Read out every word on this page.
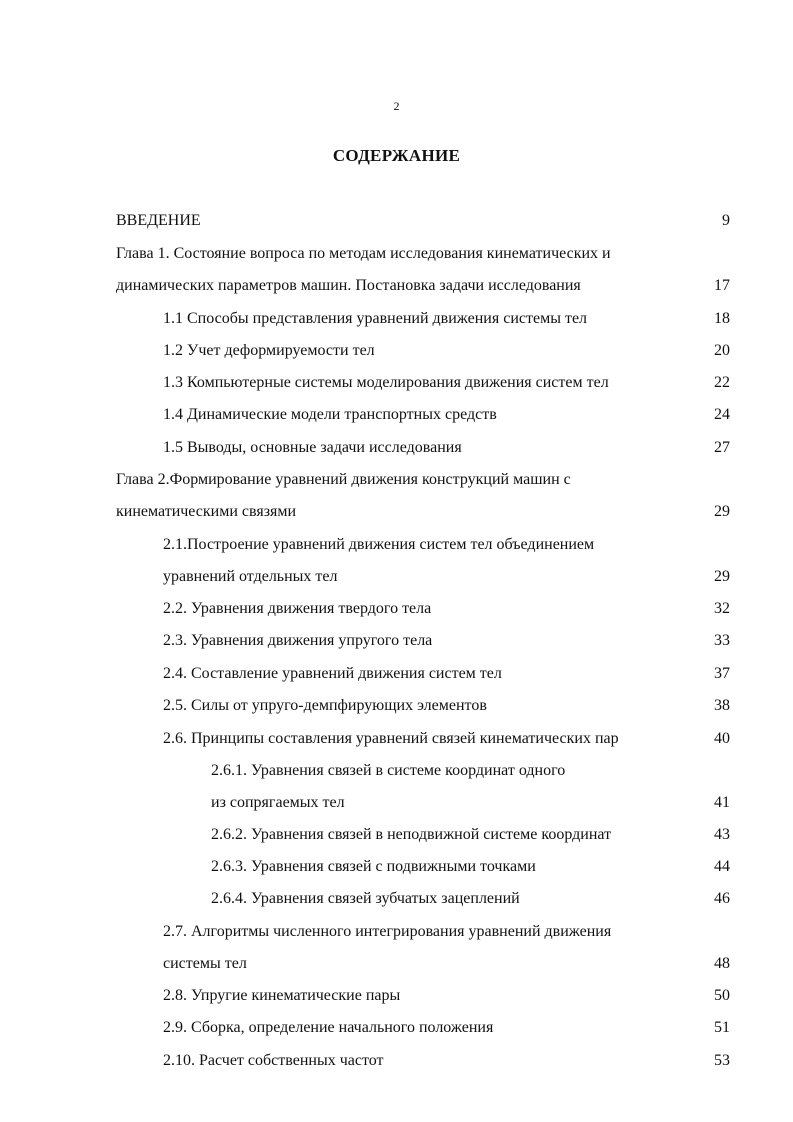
2
СОДЕРЖАНИЕ
ВВЕДЕНИЕ	9
Глава 1. Состояние вопроса по методам исследования кинематических и
динамических параметров машин. Постановка задачи исследования	17
1.1 Способы представления уравнений движения системы тел	18
1.2 Учет деформируемости тел	20
1.3 Компьютерные системы моделирования движения систем тел	22
1.4 Динамические модели транспортных средств	24
1.5 Выводы, основные задачи исследования	27
Глава 2.Формирование уравнений движения конструкций машин с
кинематическими связями	29
2.1.Построение уравнений движения систем тел объединением
уравнений отдельных тел	29
2.2. Уравнения движения твердого тела	32
2.3. Уравнения движения упругого тела	33
2.4. Составление уравнений движения систем тел	37
2.5. Силы от упруго-демпфирующих элементов	38
2.6. Принципы составления уравнений связей кинематических пар	40
2.6.1. Уравнения связей в системе координат одного
из сопрягаемых тел	41
2.6.2. Уравнения связей в неподвижной системе координат	43
2.6.3. Уравнения связей с подвижными точками	44
2.6.4. Уравнения связей зубчатых зацеплений	46
2.7. Алгоритмы численного интегрирования уравнений движения
системы тел	48
2.8. Упругие кинематические пары	50
2.9. Сборка, определение начального положения	51
2.10. Расчет собственных частот	53
